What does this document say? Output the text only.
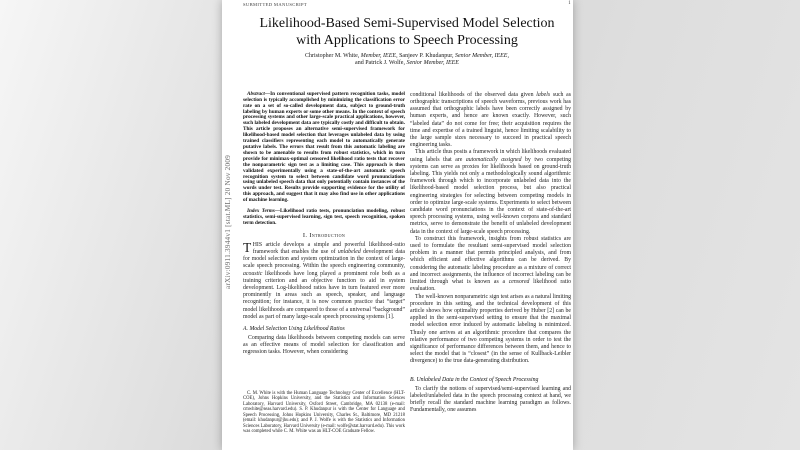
arXiv:0911.3944v1 [stat.ML] 20 Nov 2009
SUBMITTED MANUSCRIPT	1
Likelihood-Based Semi-Supervised Model Selection
with Applications to Speech Processing
Christopher M. White, Member, IEEE, Sanjeev P. Khudanpur, Senior Member, IEEE,
and Patrick J. Wolfe, Senior Member, IEEE

Abstract—In conventional supervised pattern recognition tasks, model selection is typically accomplished by minimizing the classification error rate on a set of so-called development data, subject to ground-truth labeling by human experts or some other means. In the context of speech processing systems and other large-scale practical applications, however, such labeled development data are typically costly and difficult to obtain. This article proposes an alternative semi-supervised framework for likelihood-based model selection that leverages unlabeled data by using trained classifiers representing each model to automatically generate putative labels. The errors that result from this automatic labeling are shown to be amenable to results from robust statistics, which in turn provide for minimax-optimal censored likelihood ratio tests that recover the nonparametric sign test as a limiting case. This approach is then validated experimentally using a state-of-the-art automatic speech recognition system to select between candidate word pronunciations using unlabeled speech data that only potentially contain instances of the words under test. Results provide supporting evidence for the utility of this approach, and suggest that it may also find use in other applications of machine learning.

Index Terms—Likelihood ratio tests, pronunciation modeling, robust statistics, semi-supervised learning, sign test, speech recognition, spoken term detection.

I. Introduction

THIS article develops a simple and powerful likelihood-ratio framework that enables the use of unlabeled development data for model selection and system optimization in the context of large-scale speech processing. Within the speech engineering community, acoustic likelihoods have long played a prominent role both as a training criterion and an objective function to aid in system development. Log-likelihood ratios have in turn featured ever more prominently in areas such as speech, speaker, and language recognition; for instance, it is now common practice that “target” model likelihoods are compared to those of a universal “background” model as part of many large-scale speech processing systems [1].

A. Model Selection Using Likelihood Ratios

Comparing data likelihoods between competing models can serve as an effective means of model selection for classification and regression tasks. However, when considering

C. M. White is with the Human Language Technology Center of Excellence (HLT-COE), Johns Hopkins University, and the Statistics and Information Sciences Laboratory, Harvard University, Oxford Street, Cambridge, MA 02138 (e-mail: cmwhite@seas.harvard.edu). S. P. Khudanpur is with the Center for Language and Speech Processing, Johns Hopkins University, Charles St., Baltimore, MD 21218 (email: khudanpur@jhu.edu); and P. J. Wolfe is with the Statistics and Information Sciences Laboratory, Harvard University (e-mail: wolfe@stat.harvard.edu). This work was completed while C. M. White was an HLT-COE Graduate Fellow.

conditional likelihoods of the observed data given labels such as orthographic transcriptions of speech waveforms, previous work has assumed that orthographic labels have been correctly assigned by human experts, and hence are known exactly. However, such “labeled data” do not come for free; their acquisition requires the time and expertise of a trained linguist, hence limiting scalability to the large sample sizes necessary to succeed in practical speech engineering tasks.

This article thus posits a framework in which likelihoods evaluated using labels that are automatically assigned by two competing systems can serve as proxies for likelihoods based on ground-truth labeling. This yields not only a methodologically sound algorithmic framework through which to incorporate unlabeled data into the likelihood-based model selection process, but also practical engineering strategies for selecting between competing models in order to optimize large-scale systems. Experiments to select between candidate word pronunciations in the context of state-of-the-art speech processing systems, using well-known corpora and standard metrics, serve to demonstrate the benefit of unlabeled development data in the context of large-scale speech processing.

To construct this framework, insights from robust statistics are used to formulate the resultant semi-supervised model selection problem in a manner that permits principled analysis, and from which efficient and effective algorithms can be derived. By considering the automatic labeling procedure as a mixture of correct and incorrect assignments, the influence of incorrect labeling can be limited through what is known as a censored likelihood ratio evaluation.

The well-known nonparametric sign test arises as a natural limiting procedure in this setting, and the technical development of this article shows how optimality properties derived by Huber [2] can be applied in the semi-supervised setting to ensure that the maximal model selection error induced by automatic labeling is minimized. Thusly one arrives at an algorithmic procedure that compares the relative performance of two competing systems in order to test the significance of performance differences between them, and hence to select the model that is “closest” (in the sense of Kullback-Leibler divergence) to the true data-generating distribution.

B. Unlabeled Data in the Context of Speech Processing

To clarify the notions of supervised/semi-supervised learning and labeled/unlabeled data in the speech processing context at hand, we briefly recall the standard machine learning paradigm as follows. Fundamentally, one assumes
